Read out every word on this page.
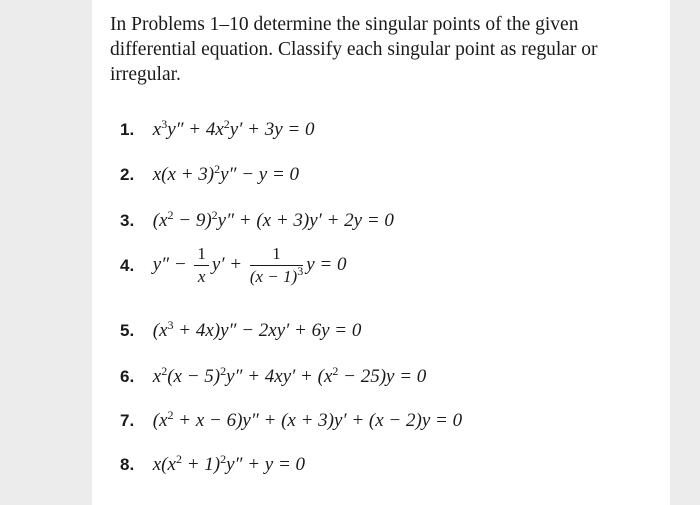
In Problems 1–10 determine the singular points of the given differential equation. Classify each singular point as regular or irregular.

1. $x^3y'' + 4x^2y' + 3y = 0$
2. $x(x + 3)^2y'' - y = 0$
3. $(x^2 - 9)^2y'' + (x + 3)y' + 2y = 0$
4. $y'' - \frac{1}{x} y' + \frac{1}{(x - 1)^3}$ y = 0
5. $(x^3 + 4x)y'' - 2xy' + 6y = 0$
6. $x^2(x - 5)^2y'' + 4xy' + (x^2 - 25)y = 0$
7. $(x^2 + x - 6)y'' + (x + 3)y' + (x - 2)y = 0$
8. $x(x^2 + 1)^2y'' + y = 0$
